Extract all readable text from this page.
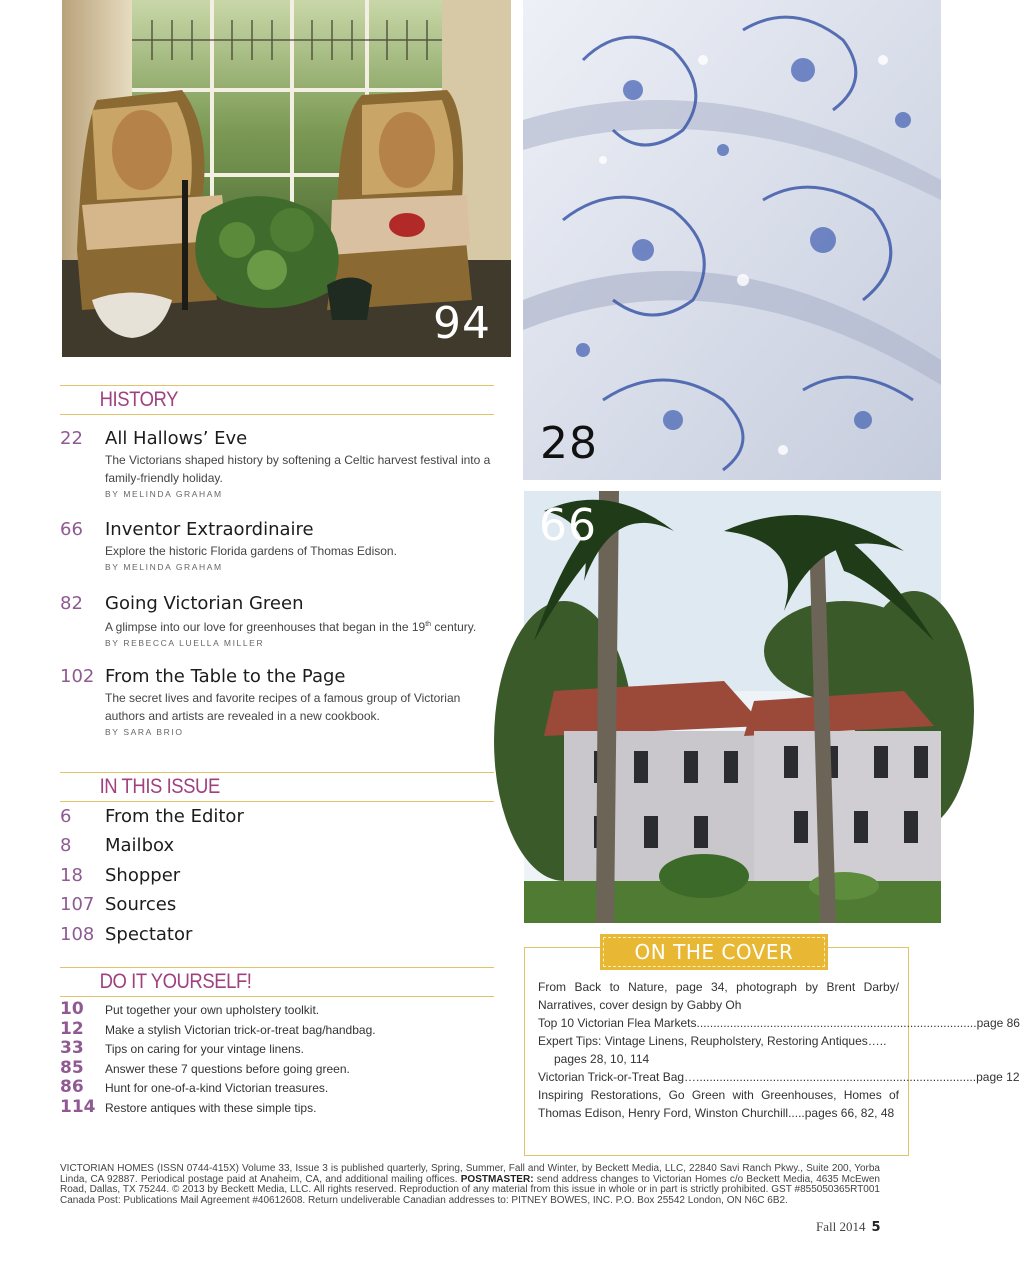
94
28
66
HISTORY
22 All Hallows’ Eve
The Victorians shaped history by softening a Celtic harvest festival into a family-friendly holiday.
BY MELINDA GRAHAM
66 Inventor Extraordinaire
Explore the historic Florida gardens of Thomas Edison.
BY MELINDA GRAHAM
82 Going Victorian Green
A glimpse into our love for greenhouses that began in the 19th century.
BY REBECCA LUELLA MILLER
102 From the Table to the Page
The secret lives and favorite recipes of a famous group of Victorian authors and artists are revealed in a new cookbook.
BY SARA BRIO
IN THIS ISSUE
6	From the Editor
8	Mailbox
18	Shopper
107 Sources
108 Spectator
DO IT YOURSELF!
10 Put together your own upholstery toolkit.
12 Make a stylish Victorian trick-or-treat bag/handbag.
33 Tips on caring for your vintage linens.
85 Answer these 7 questions before going green.
86 Hunt for one-of-a-kind Victorian treasures.
114 Restore antiques with these simple tips.
ON THE COVER
From Back to Nature, page 34, photograph by Brent Darby/ Narratives, cover design by Gabby Oh
Top 10 Victorian Flea Markets .................................................................................... page 86
Expert Tips: Vintage Linens, Reupholstery, Restoring Antiques…..
pages 28, 10, 114
Victorian Trick-or-Treat Bag… .................................................................................... page 12
Inspiring Restorations, Go Green with Greenhouses, Homes of Thomas Edison, Henry Ford, Winston Churchill.....pages 66, 82, 48
VICTORIAN HOMES (ISSN 0744-415X) Volume 33, Issue 3 is published quarterly, Spring, Summer, Fall and Winter, by Beckett Media, LLC, 22840 Savi Ranch Pkwy., Suite 200, Yorba Linda, CA 92887. Periodical postage paid at Anaheim, CA, and additional mailing offices. POSTMASTER: send address changes to Victorian Homes c/o Beckett Media, 4635 McEwen Road, Dallas, TX 75244. © 2013 by Beckett Media, LLC. All rights reserved. Reproduction of any material from this issue in whole or in part is strictly prohibited. GST #855050365RT001 Canada Post: Publications Mail Agreement #40612608. Return undeliverable Canadian addresses to: PITNEY BOWES, INC. P.O. Box 25542 London, ON N6C 6B2.
Fall 2014 5
